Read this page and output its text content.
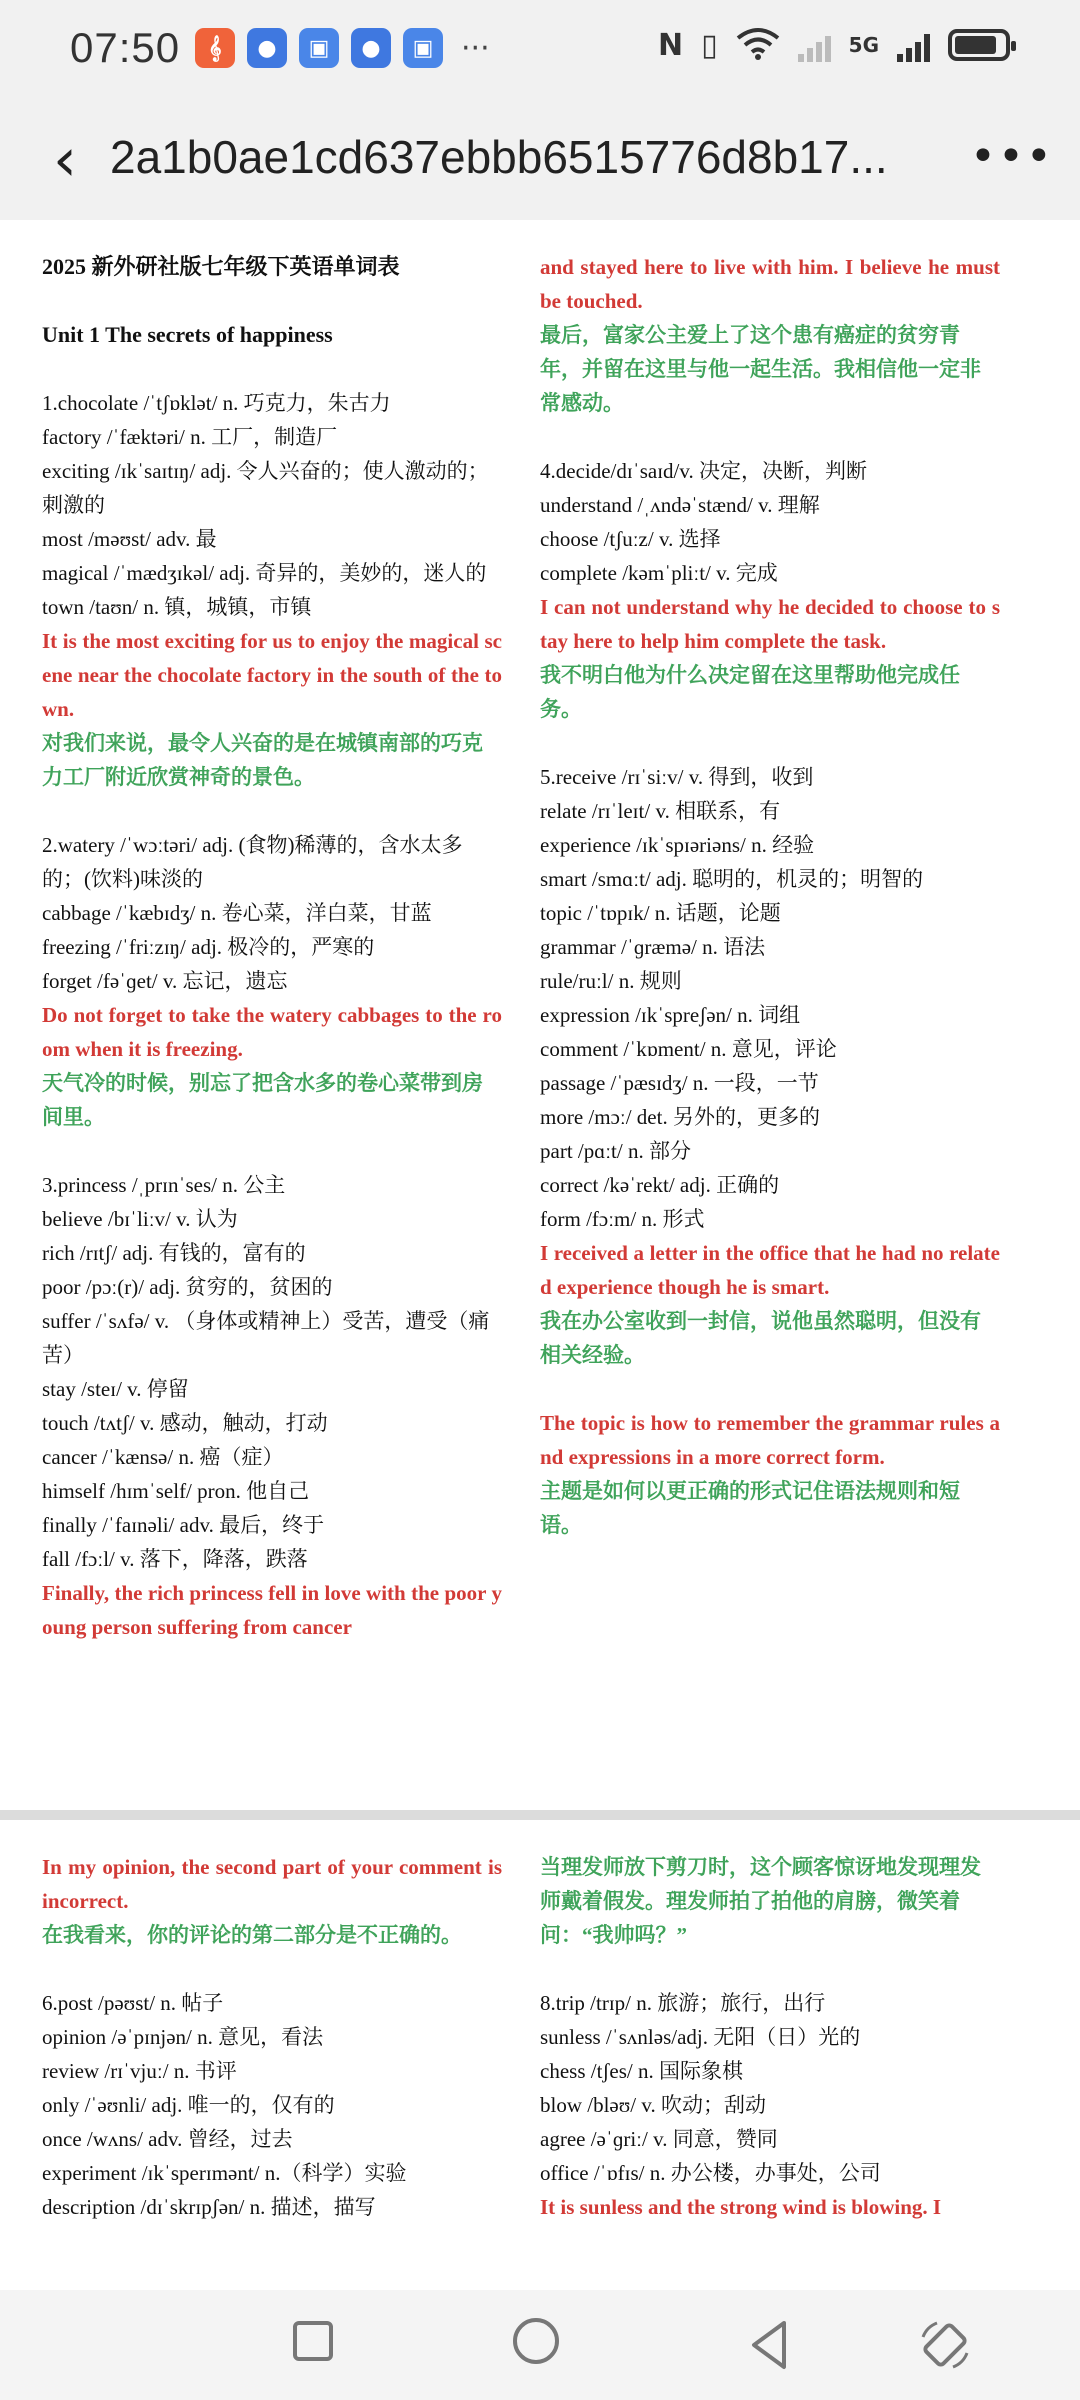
07:50	𝄞	●	▣	●	▣ ···	N ▯	5G
‹ 2a1b0ae1cd637ebbb6515776d8b17...	•••
2025 新外研社版七年级下英语单词表
Unit 1 The secrets of happiness
1.chocolate /ˈtʃɒklət/ n. 巧克力，朱古力
factory /ˈfæktəri/ n. 工厂，制造厂
exciting /ɪkˈsaɪtɪŋ/ adj. 令人兴奋的；使人激动的；刺激的
most /məʊst/ adv. 最
magical /ˈmædʒɪkəl/ adj. 奇异的，美妙的，迷人的
town /taʊn/ n. 镇，城镇，市镇
It is the most exciting for us to enjoy the magical scene near the chocolate factory in the south of the town.
对我们来说，最令人兴奋的是在城镇南部的巧克力工厂附近欣赏神奇的景色。
2.watery /ˈwɔːtəri/ adj. (食物)稀薄的，含水太多的；(饮料)味淡的
cabbage /ˈkæbɪdʒ/ n. 卷心菜，洋白菜，甘蓝
freezing /ˈfriːzɪŋ/ adj. 极冷的，严寒的
forget /fəˈɡet/ v. 忘记，遗忘
Do not forget to take the watery cabbages to the room when it is freezing.
天气冷的时候，别忘了把含水多的卷心菜带到房间里。
3.princess /ˌprɪnˈses/ n. 公主
believe /bɪˈliːv/ v. 认为
rich /rɪtʃ/ adj. 有钱的，富有的
poor /pɔː(r)/ adj. 贫穷的，贫困的
suffer /ˈsʌfə/ v. （身体或精神上）受苦，遭受（痛苦）
stay /steɪ/ v. 停留
touch /tʌtʃ/ v. 感动，触动，打动
cancer /ˈkænsə/ n. 癌（症）
himself /hɪmˈself/ pron. 他自己
finally /ˈfaɪnəli/ adv. 最后，终于
fall /fɔːl/ v. 落下，降落，跌落
Finally, the rich princess fell in love with the poor young person suffering from cancer
and stayed here to live with him. I believe he must be touched.
最后，富家公主爱上了这个患有癌症的贫穷青年，并留在这里与他一起生活。我相信他一定非常感动。
4.decide/dɪˈsaɪd/v. 决定，决断，判断
understand /ˌʌndəˈstænd/ v. 理解
choose /tʃuːz/ v. 选择
complete /kəmˈpliːt/ v. 完成
I can not understand why he decided to choose to stay here to help him complete the task.
我不明白他为什么决定留在这里帮助他完成任务。
5.receive /rɪˈsiːv/ v. 得到，收到
relate /rɪˈleɪt/ v. 相联系，有
experience /ɪkˈspɪəriəns/ n. 经验
smart /smɑːt/ adj. 聪明的，机灵的；明智的
topic /ˈtɒpɪk/ n. 话题，论题
grammar /ˈɡræmə/ n. 语法
rule/ruːl/ n. 规则
expression /ɪkˈspreʃən/ n. 词组
comment /ˈkɒment/ n. 意见，评论
passage /ˈpæsɪdʒ/ n. 一段，一节
more /mɔː/ det. 另外的，更多的
part /pɑːt/ n. 部分
correct /kəˈrekt/ adj. 正确的
form /fɔːm/ n. 形式
I received a letter in the office that he had no related experience though he is smart.
我在办公室收到一封信，说他虽然聪明，但没有相关经验。
The topic is how to remember the grammar rules and expressions in a more correct form.
主题是如何以更正确的形式记住语法规则和短语。
In my opinion, the second part of your comment is incorrect.
在我看来，你的评论的第二部分是不正确的。
6.post /pəʊst/ n. 帖子
opinion /əˈpɪnjən/ n. 意见，看法
review /rɪˈvjuː/ n. 书评
only /ˈəʊnli/ adj. 唯一的，仅有的
once /wʌns/ adv. 曾经，过去
experiment /ɪkˈsperɪmənt/ n.（科学）实验
description /dɪˈskrɪpʃən/ n. 描述，描写
当理发师放下剪刀时，这个顾客惊讶地发现理发师戴着假发。理发师拍了拍他的肩膀，微笑着问：“我帅吗？”
8.trip /trɪp/ n. 旅游；旅行，出行
sunless /ˈsʌnləs/adj. 无阳（日）光的
chess /tʃes/ n. 国际象棋
blow /bləʊ/ v. 吹动；刮动
agree /əˈɡriː/ v. 同意，赞同
office /ˈɒfɪs/ n. 办公楼，办事处，公司
It is sunless and the strong wind is blowing. I
